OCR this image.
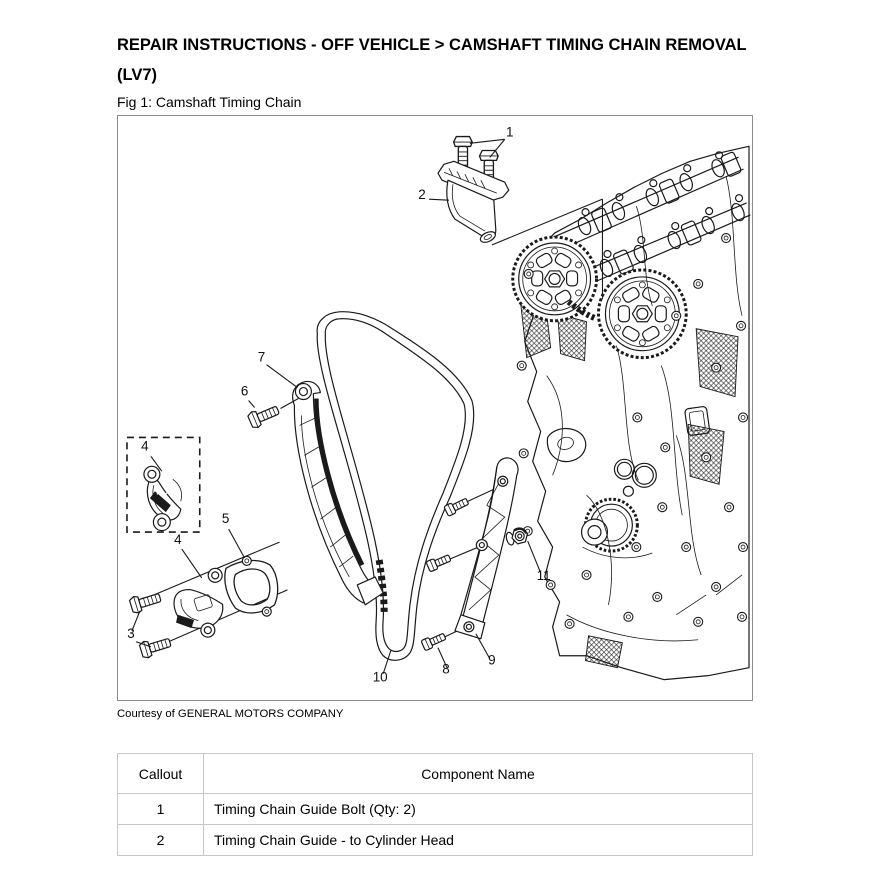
REPAIR INSTRUCTIONS - OFF VEHICLE > CAMSHAFT TIMING CHAIN REMOVAL
(LV7)
Fig 1: Camshaft Timing Chain
1
2
7
6
4
4
5
3
10
8
9
11
Courtesy of GENERAL MOTORS COMPANY
Callout	Component Name
1	Timing Chain Guide Bolt (Qty: 2)
2	Timing Chain Guide - to Cylinder Head
